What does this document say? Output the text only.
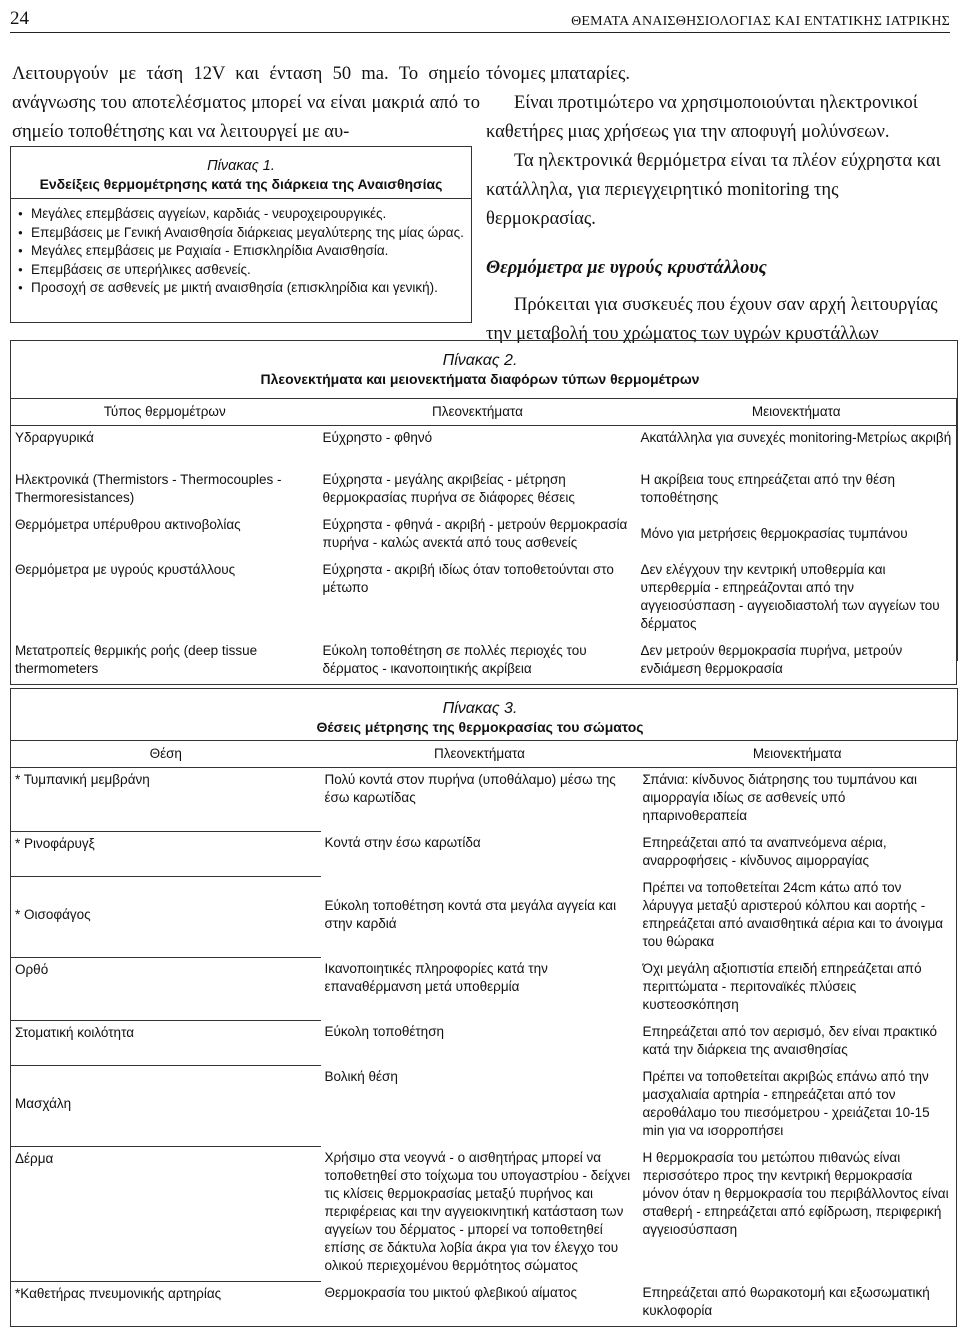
24	ΘΕΜΑΤΑ ΑΝΑΙΣΘΗΣΙΟΛΟΓΙΑΣ ΚΑΙ ΕΝΤΑΤΙΚΗΣ ΙΑΤΡΙΚΗΣ
Λειτουργούν με τάση 12V και ένταση 50 ma. Το σημείο ανάγνωσης του αποτελέσματος μπορεί να είναι μακριά από το σημείο τοποθέτησης και να λειτουργεί με αυ-
Πίνακας 1.
Ενδείξεις θερμομέτρησης κατά της διάρκεια της Αναισθησίας
● Μεγάλες επεμβάσεις αγγείων, καρδιάς - νευροχειρουργικές.
● Επεμβάσεις με Γενική Αναισθησία διάρκειας μεγαλύτερης της μίας ώρας.
● Μεγάλες επεμβάσεις με Ραχιαία - Επισκληρίδια Αναισθησία.
● Επεμβάσεις σε υπερήλικες ασθενείς.
● Προσοχή σε ασθενείς με μικτή αναισθησία (επισκληρίδια και γενική).

τόνομες μπαταρίες.

Είναι προτιμώτερο να χρησιμοποιούνται ηλεκτρονικοί καθετήρες μιας χρήσεως για την αποφυγή μολύνσεων.

Τα ηλεκτρονικά θερμόμετρα είναι τα πλέον εύχρηστα και κατάλληλα, για περιεγχειρητικό monitoring της θερμοκρασίας.

Θερμόμετρα με υγρούς κρυστάλλους

Πρόκειται για συσκευές που έχουν σαν αρχή λειτουργίας την μεταβολή του χρώματος των υγρών κρυστάλλων

Πίνακας 2.
Πλεονεκτήματα και μειονεκτήματα διαφόρων τύπων θερμομέτρων
Τύπος θερμομέτρων	Πλεονεκτήματα	Μειονεκτήματα
Υδραργυρικά	Εύχρηστο - φθηνό	Ακατάλληλα για συνεχές monitoring-Μετρίως ακριβή
Ηλεκτρονικά (Thermistors - Thermocouples - Thermoresistances)	Εύχρηστα - μεγάλης ακριβείας - μέτρηση θερμοκρασίας πυρήνα σε διάφορες θέσεις	Η ακρίβεια τους επηρεάζεται από την θέση τοποθέτησης
Θερμόμετρα υπέρυθρου ακτινοβολίας	Εύχρηστα - φθηνά - ακριβή - μετρούν θερμοκρασία πυρήνα - καλώς ανεκτά από τους ασθενείς	Μόνο για μετρήσεις θερμοκρασίας τυμπάνου
Θερμόμετρα με υγρούς κρυστάλλους	Εύχρηστα - ακριβή ιδίως όταν τοποθετούνται στο μέτωπο	Δεν ελέγχουν την κεντρική υποθερμία και υπερθερμία - επηρεάζονται από την αγγειοσύσπαση - αγγειοδιαστολή των αγγείων του δέρματος
Μετατροπείς θερμικής ροής (deep tissue thermometers	Εύκολη τοποθέτηση σε πολλές περιοχές του δέρματος - ικανοποιητικής ακρίβεια	Δεν μετρούν θερμοκρασία πυρήνα, μετρούν ενδιάμεση θερμοκρασία
Πίνακας 3.
Θέσεις μέτρησης της θερμοκρασίας του σώματος
Θέση	Πλεονεκτήματα	Μειονεκτήματα
* Τυμπανική μεμβράνη	Πολύ κοντά στον πυρήνα (υποθάλαμο) μέσω της έσω καρωτίδας	Σπάνια: κίνδυνος διάτρησης του τυμπάνου και αιμορραγία ιδίως σε ασθενείς υπό ηπαρινοθεραπεία
* Ρινοφάρυγξ	Κοντά στην έσω καρωτίδα	Επηρεάζεται από τα αναπνεόμενα αέρια, αναρροφήσεις - κίνδυνος αιμορραγίας
* Οισοφάγος	Εύκολη τοποθέτηση κοντά στα μεγάλα αγγεία και στην καρδιά	Πρέπει να τοποθετείται 24cm κάτω από τον λάρυγγα μεταξύ αριστερού κόλπου και αορτής - επηρεάζεται από αναισθητικά αέρια και το άνοιγμα του θώρακα
Ορθό	Ικανοποιητικές πληροφορίες κατά την επαναθέρμανση μετά υποθερμία	Όχι μεγάλη αξιοπιστία επειδή επηρεάζεται από περιττώματα - περιτοναϊκές πλύσεις κυστεοσκόπηση
Στοματική κοιλότητα	Εύκολη τοποθέτηση	Επηρεάζεται από τον αερισμό, δεν είναι πρακτικό κατά την διάρκεια της αναισθησίας
Μασχάλη	Βολική θέση	Πρέπει να τοποθετείται ακριβώς επάνω από την μασχαλιαία αρτηρία - επηρεάζεται από τον αεροθάλαμο του πιεσόμετρου - χρειάζεται 10-15 min για να ισορροπήσει
Δέρμα	Χρήσιμο στα νεογνά - ο αισθητήρας μπορεί να τοποθετηθεί στο τοίχωμα του υπογαστρίου - δείχνει τις κλίσεις θερμοκρασίας μεταξύ πυρήνος και περιφέρειας και την αγγειοκινητική κατάσταση των αγγείων του δέρματος - μπορεί να τοποθετηθεί επίσης σε δάκτυλα λοβία άκρα για τον έλεγχο του ολικού περιεχομένου θερμότητος σώματος	Η θερμοκρασία του μετώπου πιθανώς είναι περισσότερο προς την κεντρική θερμοκρασία μόνον όταν η θερμοκρασία του περιβάλλοντος είναι σταθερή - επηρεάζεται από εφίδρωση, περιφερική αγγειοσύσπαση
*Καθετήρας πνευμονικής αρτηρίας	Θερμοκρασία του μικτού φλεβικού αίματος	Επηρεάζεται από θωρακοτομή και εξωσωματική κυκλοφορία
